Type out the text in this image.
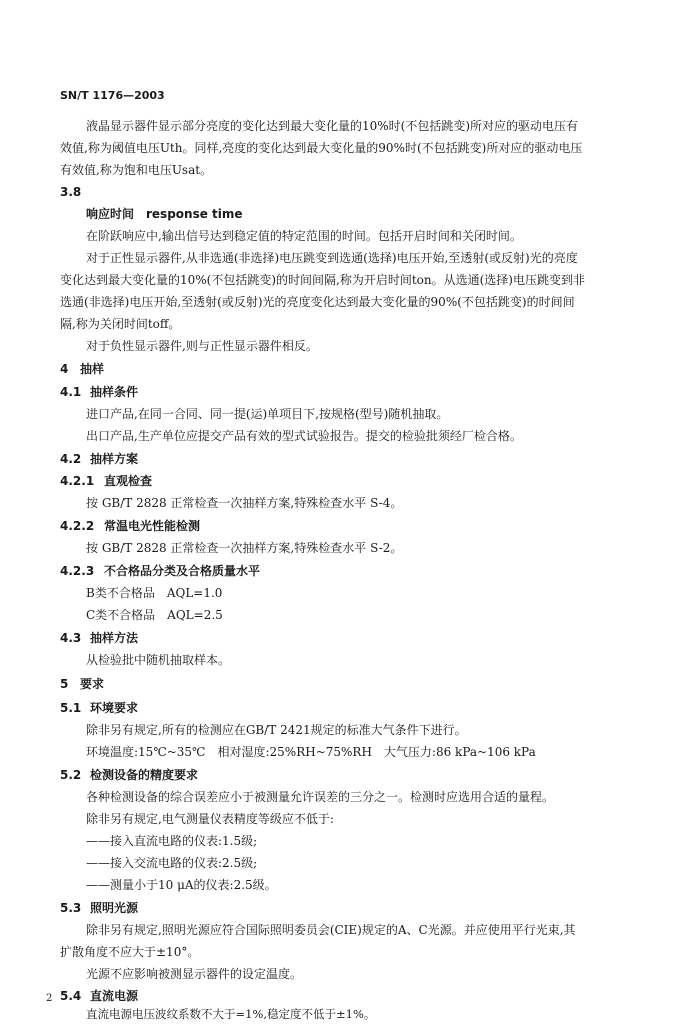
SN/T 1176—2003
液晶显示器件显示部分亮度的变化达到最大变化量的10%时(不包括跳变)所对应的驱动电压有
效值,称为阈值电压Uth。同样,亮度的变化达到最大变化量的90%时(不包括跳变)所对应的驱动电压
有效值,称为饱和电压Usat。
3.8
响应时间　response time
在阶跃响应中,输出信号达到稳定值的特定范围的时间。包括开启时间和关闭时间。
对于正性显示器件,从非选通(非选择)电压跳变到选通(选择)电压开始,至透射(或反射)光的亮度
变化达到最大变化量的10%(不包括跳变)的时间间隔,称为开启时间ton。从选通(选择)电压跳变到非
选通(非选择)电压开始,至透射(或反射)光的亮度变化达到最大变化量的90%(不包括跳变)的时间间
隔,称为关闭时间toff。
对于负性显示器件,则与正性显示器件相反。
4 抽样
4.1 抽样条件
进口产品,在同一合同、同一提(运)单项目下,按规格(型号)随机抽取。
出口产品,生产单位应提交产品有效的型式试验报告。提交的检验批须经厂检合格。
4.2 抽样方案
4.2.1 直观检查
按 GB/T 2828 正常检查一次抽样方案,特殊检查水平 S-4。
4.2.2 常温电光性能检测
按 GB/T 2828 正常检查一次抽样方案,特殊检查水平 S-2。
4.2.3 不合格品分类及合格质量水平
B类不合格品　AQL=1.0
C类不合格品　AQL=2.5
4.3 抽样方法
从检验批中随机抽取样本。
5 要求
5.1 环境要求
除非另有规定,所有的检测应在GB/T 2421规定的标准大气条件下进行。
环境温度:15℃~35℃　相对湿度:25%RH~75%RH　大气压力:86 kPa~106 kPa
5.2 检测设备的精度要求
各种检测设备的综合误差应小于被测量允许误差的三分之一。检测时应选用合适的量程。
除非另有规定,电气测量仪表精度等级应不低于:
——接入直流电路的仪表:1.5级;
——接入交流电路的仪表:2.5级;
——测量小于10 μA的仪表:2.5级。
5.3 照明光源
除非另有规定,照明光源应符合国际照明委员会(CIE)规定的A、C光源。并应使用平行光束,其
扩散角度不应大于±10°。
光源不应影响被测显示器件的设定温度。
5.4 直流电源
直流电源电压波纹系数不大于=1%,稳定度不低于±1%。
2
